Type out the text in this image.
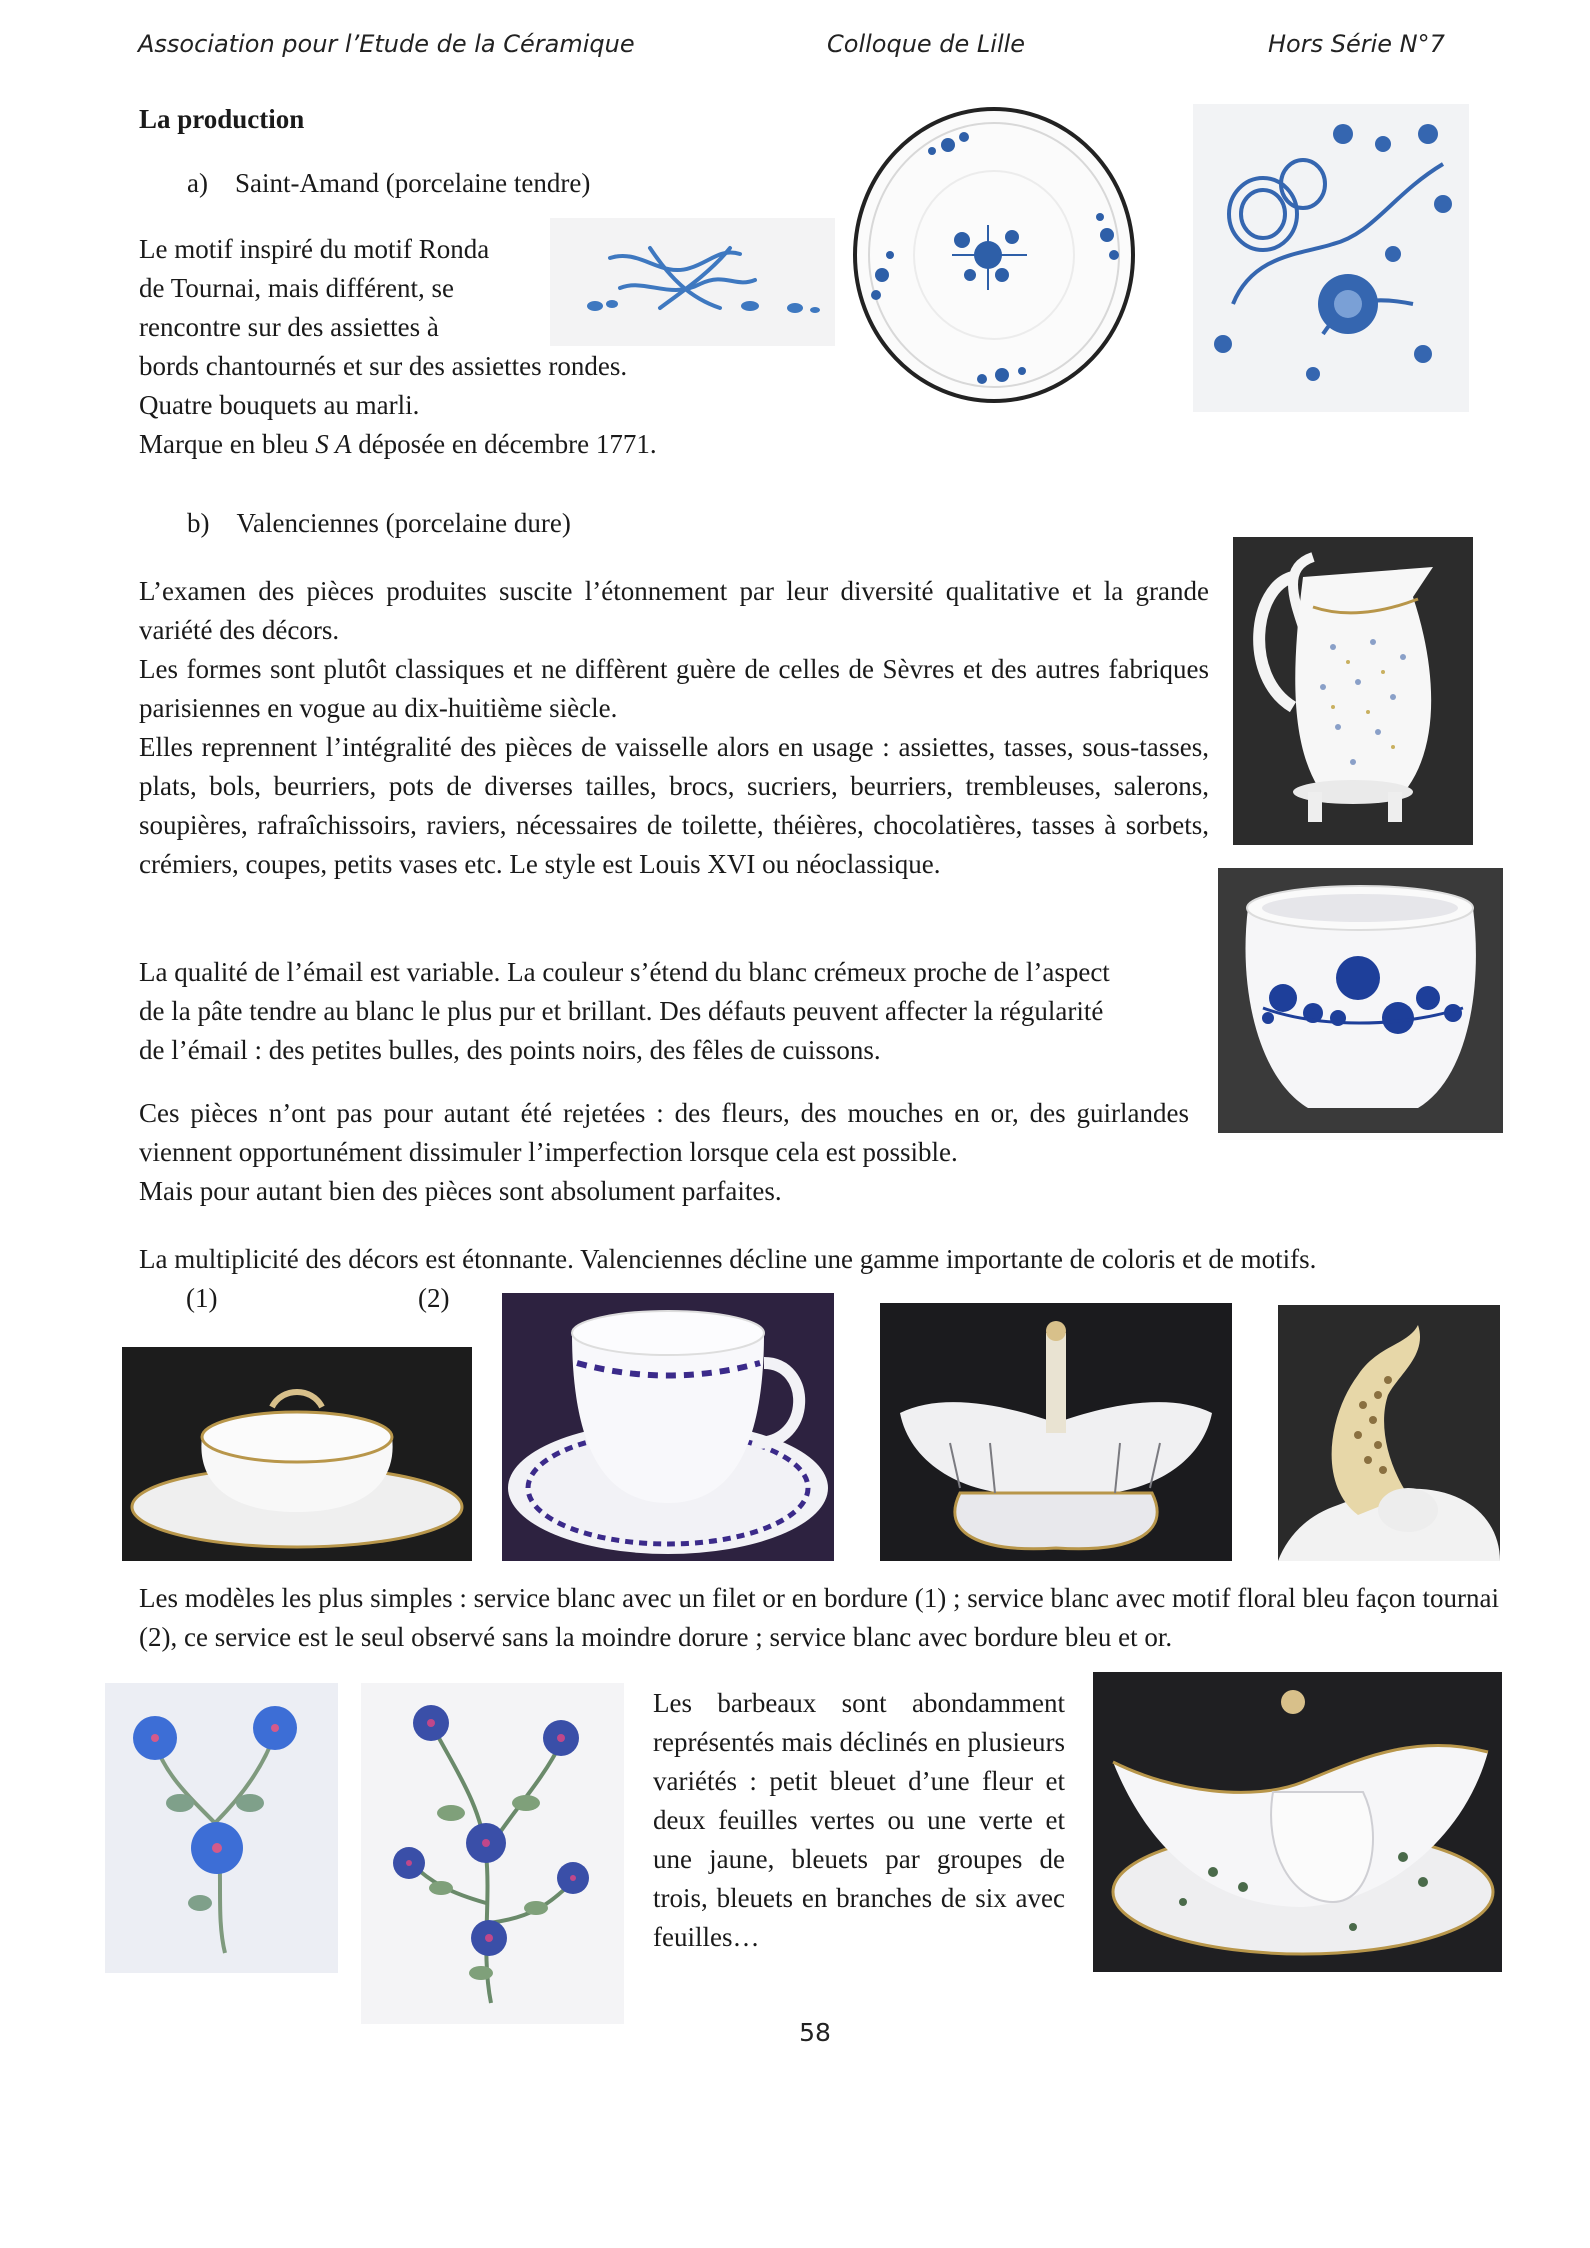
Association pour l’Etude de la Céramique	Colloque de Lille	Hors Série N°7
La production
a) Saint-Amand (porcelaine tendre)
Le motif inspiré du motif Ronda
de Tournai, mais différent, se
rencontre sur des assiettes à
bords chantournés et sur des assiettes rondes.
Quatre bouquets au marli.
Marque en bleu S A déposée en décembre 1771.
b) Valenciennes (porcelaine dure)
L’examen des pièces produites suscite l’étonnement par leur diversité qualitative et la grande variété des décors.
Les formes sont plutôt classiques et ne diffèrent guère de celles de Sèvres et des autres fabriques parisiennes en vogue au dix-huitième siècle.
Elles reprennent l’intégralité des pièces de vaisselle alors en usage : assiettes, tasses, sous-tasses, plats, bols, beurriers, pots de diverses tailles, brocs, sucriers, beurriers, trembleuses, salerons, soupières, rafraîchissoirs, raviers, nécessaires de toilette, théières, chocolatières, tasses à sorbets, crémiers, coupes, petits vases etc. Le style est Louis XVI ou néoclassique.
La qualité de l’émail est variable. La couleur s’étend du blanc crémeux proche de l’aspect
de la pâte tendre au blanc le plus pur et brillant. Des défauts peuvent affecter la régularité
de l’émail : des petites bulles, des points noirs, des fêles de cuissons.
Ces pièces n’ont pas pour autant été rejetées : des fleurs, des mouches en or, des guirlandes viennent opportunément dissimuler l’imperfection lorsque cela est possible.
Mais pour autant bien des pièces sont absolument parfaites.
La multiplicité des décors est étonnante. Valenciennes décline une gamme importante de coloris et de motifs.
(1)	(2)
Les modèles les plus simples : service blanc avec un filet or en bordure (1) ; service blanc avec motif floral bleu façon tournai (2), ce service est le seul observé sans la moindre dorure ; service blanc avec bordure bleu et or.
Les barbeaux sont abondamment représentés mais déclinés en plusieurs variétés : petit bleuet d’une fleur et deux feuilles vertes ou une verte et une jaune, bleuets par groupes de trois, bleuets en branches de six avec feuilles…
58
